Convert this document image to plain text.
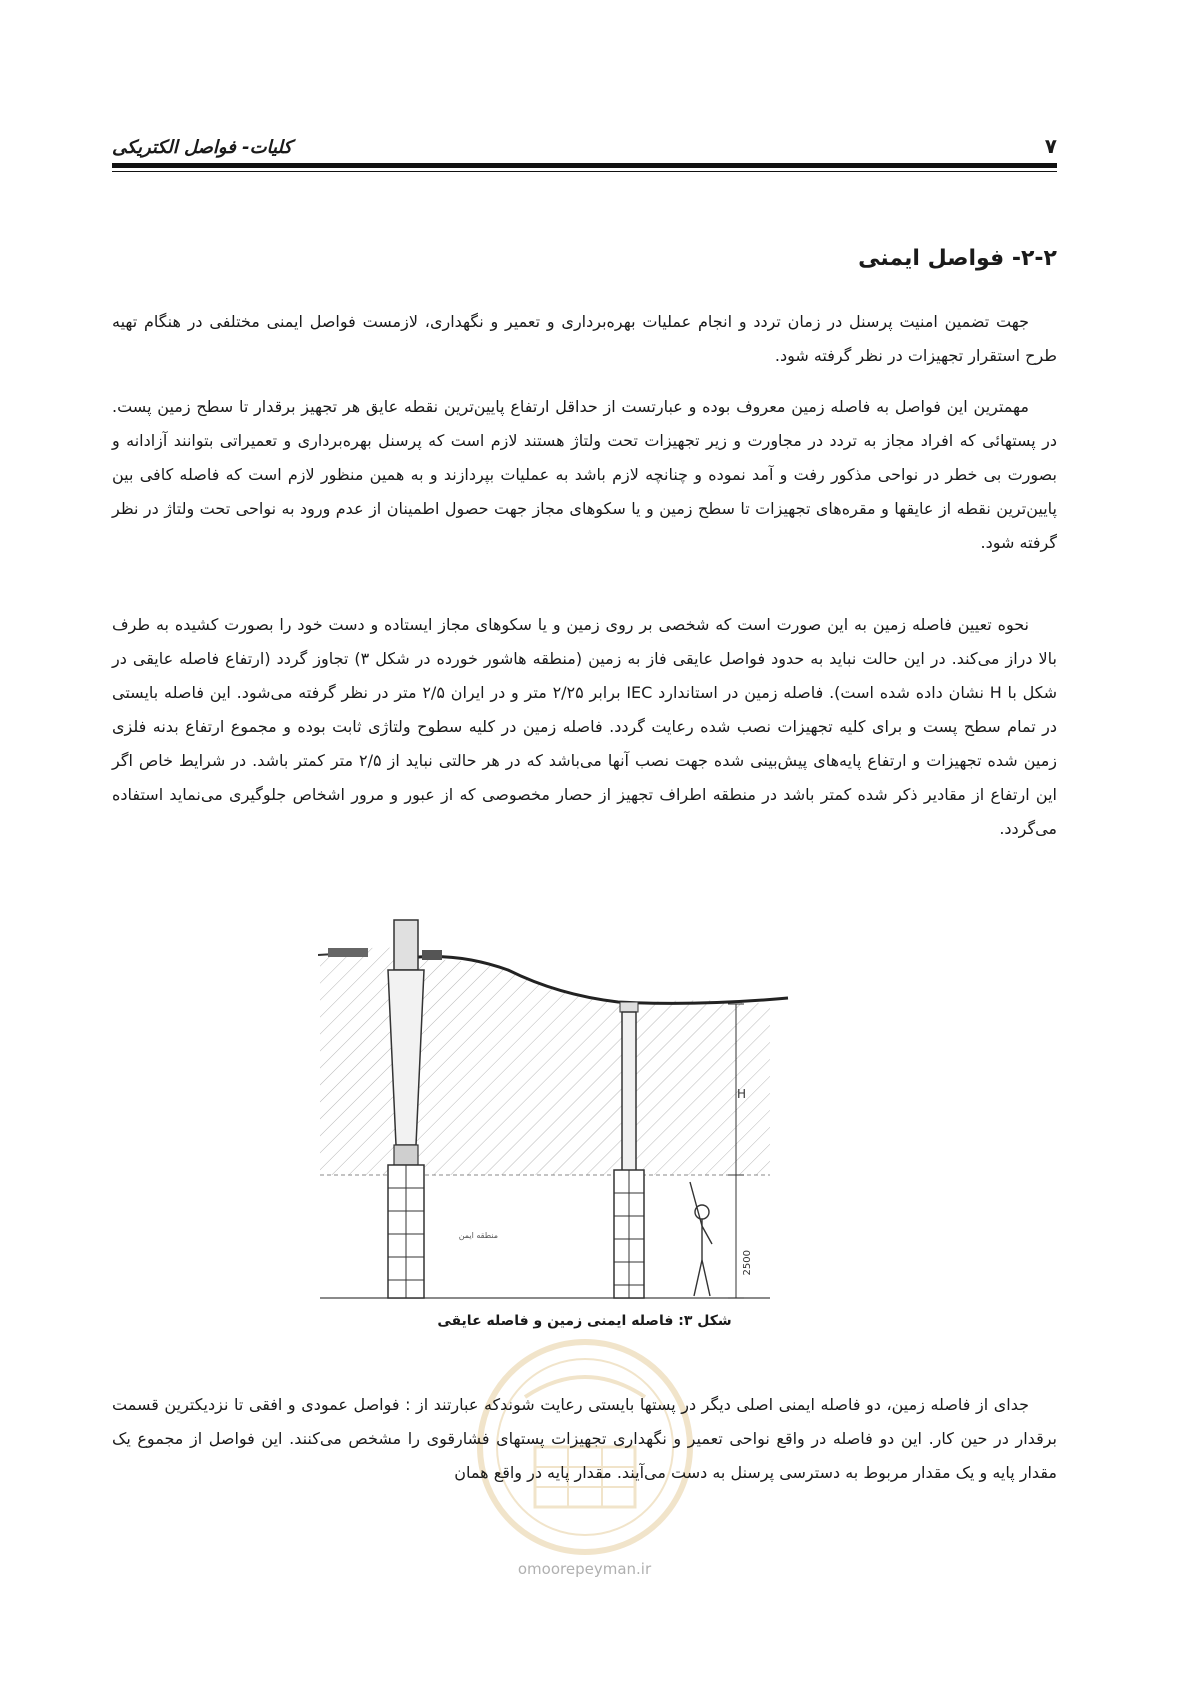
۷
کلیات- فواصل الکتریکی
۲-۲- فواصل ایمنی

جهت تضمین امنیت پرسنل در زمان تردد و انجام عملیات بهره‌برداری و تعمیر و نگهداری، لازمست فواصل ایمنی مختلفی در هنگام تهیه طرح استقرار تجهیزات در نظر گرفته شود.

مهمترین این فواصل به فاصله زمین معروف بوده و عبارتست از حداقل ارتفاع پایین‌ترین نقطه عایق هر تجهیز برقدار تا سطح زمین پست. در پستهائی که افراد مجاز به تردد در مجاورت و زیر تجهیزات تحت ولتاژ هستند لازم است که پرسنل بهره‌برداری و تعمیراتی بتوانند آزادانه و بصورت بی خطر در نواحی مذکور رفت و آمد نموده و چنانچه لازم باشد به عملیات بپردازند و به همین منظور لازم است که فاصله کافی بین پایین‌ترین نقطه از عایقها و مقره‌های تجهیزات تا سطح زمین و یا سکوهای مجاز جهت حصول اطمینان از عدم ورود به نواحی تحت ولتاژ در نظر گرفته شود.

نحوه تعیین فاصله زمین به این صورت است که شخصی بر روی زمین و یا سکوهای مجاز ایستاده و دست خود را بصورت کشیده به طرف بالا دراز می‌کند. در این حالت نباید به حدود فواصل عایقی فاز به زمین (منطقه هاشور خورده در شکل ۳) تجاوز گردد (ارتفاع فاصله عایقی در شکل با H نشان داده شده است). فاصله زمین در استاندارد IEC برابر ۲/۲۵ متر و در ایران ۲/۵ متر در نظر گرفته می‌شود. این فاصله بایستی در تمام سطح پست و برای کلیه تجهیزات نصب شده رعایت گردد. فاصله زمین در کلیه سطوح ولتاژی ثابت بوده و مجموع ارتفاع بدنه فلزی زمین شده تجهیزات و ارتفاع پایه‌های پیش‌بینی شده جهت نصب آنها می‌باشد که در هر حالتی نباید از ۲/۵ متر کمتر باشد. در شرایط خاص اگر این ارتفاع از مقادیر ذکر شده کمتر باشد در منطقه اطراف تجهیز از حصار مخصوصی که از عبور و مرور اشخاص جلوگیری می‌نماید استفاده می‌گردد.

H
2500
منطقه ایمن
شکل ۳: فاصله ایمنی زمین و فاصله عایقی

جدای از فاصله زمین، دو فاصله ایمنی اصلی دیگر در پستها بایستی رعایت شوندکه عبارتند از : فواصل عمودی و افقی تا نزدیکترین قسمت برقدار در حین کار. این دو فاصله در واقع نواحی تعمیر و نگهداری تجهیزات پستهای فشارقوی را مشخص می‌کنند. این فواصل از مجموع یک مقدار پایه و یک مقدار مربوط به دسترسی پرسنل به دست می‌آیند. مقدار پایه در واقع همان

omoorepeyman.ir
